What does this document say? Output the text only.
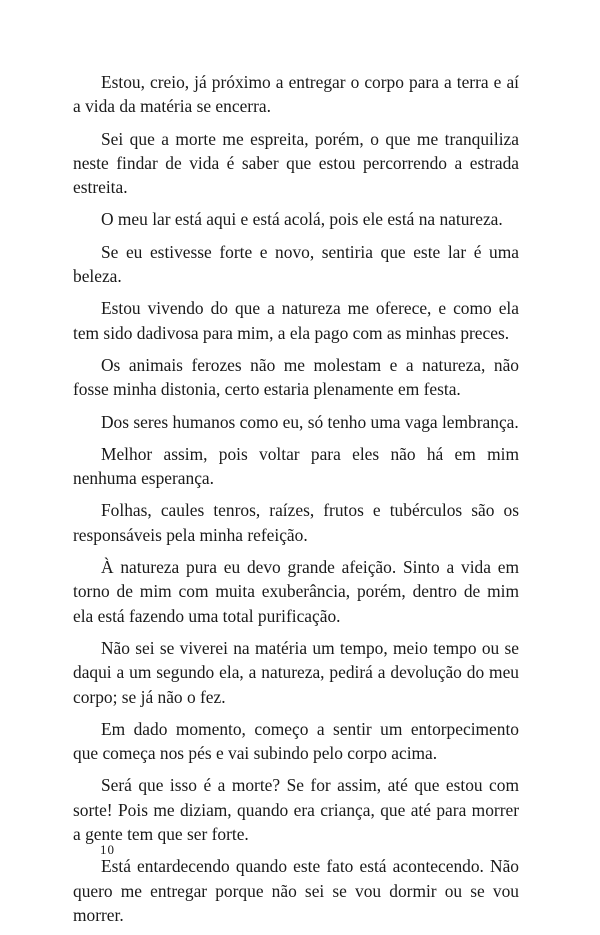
Estou, creio, já próximo a entregar o corpo para a terra e aí a vida da matéria se encerra.

Sei que a morte me espreita, porém, o que me tranquiliza neste findar de vida é saber que estou percorrendo a estrada estreita.

O meu lar está aqui e está acolá, pois ele está na natureza.

Se eu estivesse forte e novo, sentiria que este lar é uma beleza.

Estou vivendo do que a natureza me oferece, e como ela tem sido dadivosa para mim, a ela pago com as minhas preces.

Os animais ferozes não me molestam e a natureza, não fosse minha distonia, certo estaria plenamente em festa.

Dos seres humanos como eu, só tenho uma vaga lembrança.

Melhor assim, pois voltar para eles não há em mim nenhuma esperança.

Folhas, caules tenros, raízes, frutos e tubérculos são os responsáveis pela minha refeição.

À natureza pura eu devo grande afeição. Sinto a vida em torno de mim com muita exuberância, porém, dentro de mim ela está fazendo uma total purificação.

Não sei se viverei na matéria um tempo, meio tempo ou se daqui a um segundo ela, a natureza, pedirá a devolução do meu corpo; se já não o fez.

Em dado momento, começo a sentir um entorpecimento que começa nos pés e vai subindo pelo corpo acima.

Será que isso é a morte? Se for assim, até que estou com sorte! Pois me diziam, quando era criança, que até para morrer a gente tem que ser forte.

Está entardecendo quando este fato está acontecendo. Não quero me entregar porque não sei se vou dormir ou se vou morrer.

10
